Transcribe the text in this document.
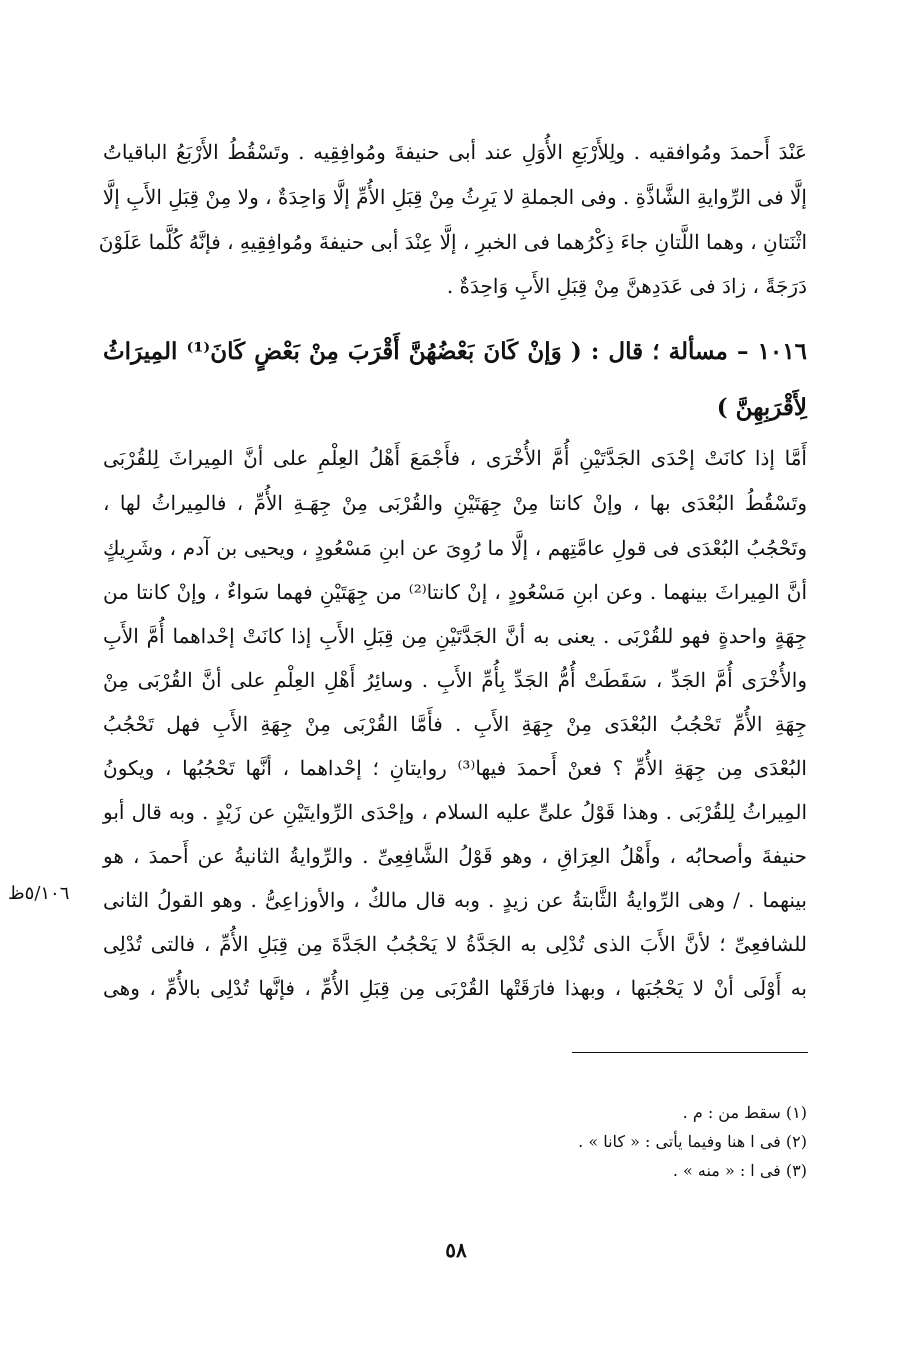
عَنْدَ أَحمدَ ومُوافقيه . ولِلأَرْبَعِ الأُوَلِ عند أبى حنيفةَ ومُوافِقِيه . وتَسْقُطُ الأَرْبَعُ الباقياتُ
إلَّا فى الرِّوايةِ الشَّاذَّةِ . وفى الجملةِ لا يَرِثُ مِنْ قِبَلِ الأُمِّ إلَّا وَاحِدَةٌ ، ولا مِنْ قِبَلِ الأَبِ إلَّا
اثْنَتانِ ، وهما اللَّتانِ جاءَ ذِكْرُهما فى الخبرِ ، إلَّا عِنْدَ أبى حنيفةَ ومُوافِقِيهِ ، فإنَّهُ كُلَّما عَلَوْنَ
دَرَجَةً ، زادَ فى عَدَدِهنَّ مِنْ قِبَلِ الأَبِ وَاحِدَةٌ .
١٠١٦ – مسألة ؛ قال : ( وَإنْ كَانَ بَعْضُهُنَّ أَقْرَبَ مِنْ بَعْضٍ كَانَ⁽¹⁾ المِيرَاثُ
لِأَقْرَبِهِنَّ )
أَمَّا إذا كانَتْ إحْدَى الجَدَّتَيْنِ أُمَّ الأُخْرَى ، فأَجْمَعَ أَهْلُ العِلْمِ على أنَّ المِيراثَ لِلقُرْبَى
وتَسْقُطُ البُعْدَى بها ، وإنْ كانتا مِنْ جِهَتَيْنِ والقُرْبَى مِنْ جِهَـةِ الأُمِّ ، فالمِيراثُ لها ،
وتَحْجُبُ البُعْدَى فى قولِ عامَّتِهم ، إلَّا ما رُوِىَ عن ابنِ مَسْعُودٍ ، ويحيى بن آدم ، وشَرِيكٍ
أنَّ المِيراثَ بينهما . وعن ابنِ مَسْعُودٍ ، إنْ كانتا⁽²⁾ من جِهَتَيْنِ فهما سَواءٌ ، وإنْ كانتا من
جِهَةٍ واحدةٍ فهو للقُرْبَى . يعنى به أنَّ الجَدَّتَيْنِ مِن قِبَلِ الأَبِ إذا كانَتْ إحْداهما أُمَّ الأَبِ
والأُخْرَى أُمَّ الجَدِّ ، سَقَطَتْ أُمُّ الجَدِّ بِأُمِّ الأَبِ . وسائِرُ أَهْلِ العِلْمِ على أنَّ القُرْبَى مِنْ
جِهَةِ الأُمِّ تَحْجُبُ البُعْدَى مِنْ جِهَةِ الأَبِ . فأَمَّا القُرْبَى مِنْ جِهَةِ الأَبِ فهل تَحْجُبُ
البُعْدَى مِن جِهَةِ الأُمِّ ؟ فعنْ أَحمدَ فيها⁽³⁾ روايتانِ ؛ إحْداهما ، أنَّها تَحْجُبُها ، ويكونُ
المِيراثُ لِلقُرْبَى . وهذا قَوْلُ علىٍّ عليه السلام ، وإحْدَى الرِّوايتَيْنِ عن زَيْدٍ . وبه قال أبو
حنيفةَ وأصحابُه ، وأَهْلُ العِرَاقِ ، وهو قَوْلُ الشَّافِعِىِّ . والرِّوايةُ الثانيةُ عن أَحمدَ ، هو
بينهما . / وهى الرِّوايةُ الثَّابتةُ عن زيدٍ . وبه قال مالكٌ ، والأوزاعِىُّ . وهو القولُ الثانى
للشافعِىِّ ؛ لأنَّ الأَبَ الذى تُدْلِى به الجَدَّةُ لا يَحْجُبُ الجَدَّةَ مِن قِبَلِ الأُمِّ ، فالتى تُدْلِى
به أَوْلَى أنْ لا يَحْجُبَها ، وبهذا فارَقَتْها القُرْبَى مِن قِبَلِ الأُمِّ ، فإنَّها تُدْلِى بالأُمِّ ، وهى
٥/١٠٦ظ
(١) سقط من : م .
(٢) فى ا هنا وفيما يأتى : « كانا » .
(٣) فى ا : « منه » .
٥٨
